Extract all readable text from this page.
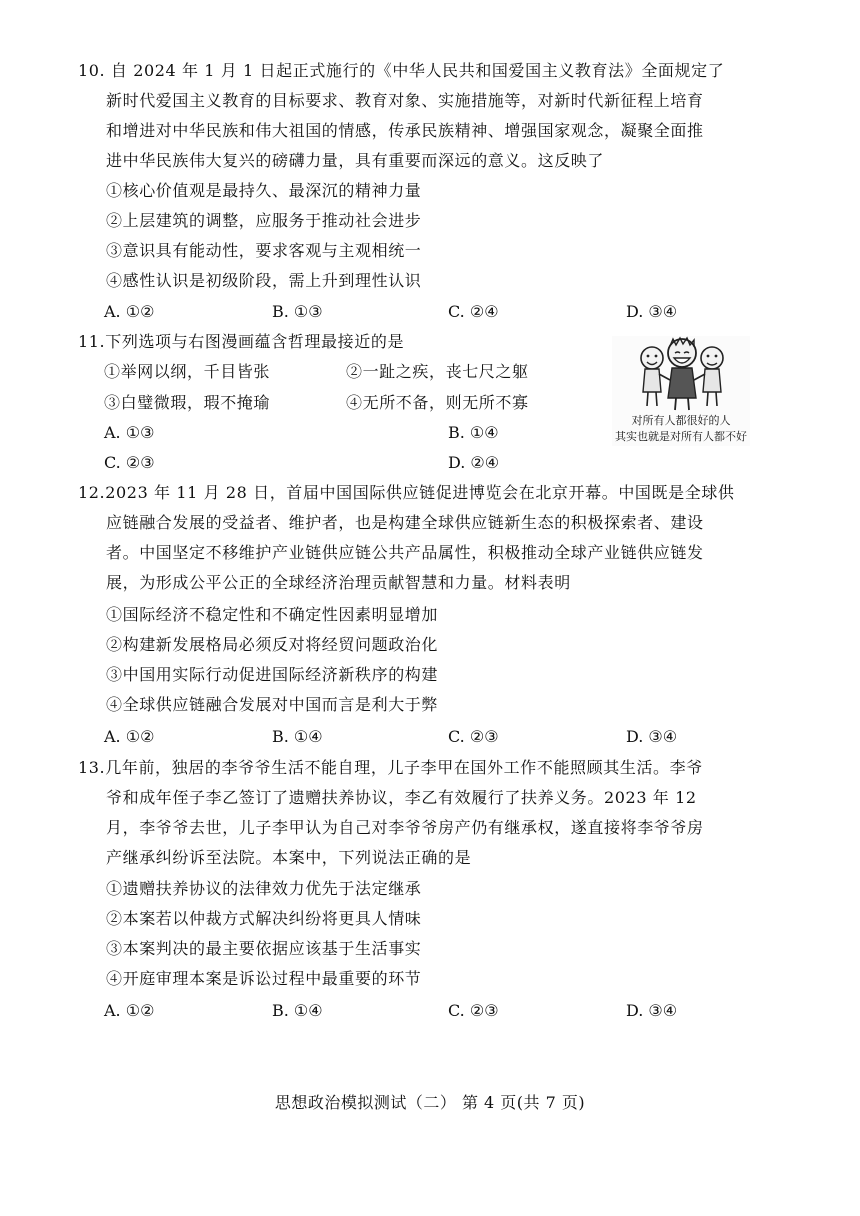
10. 自 2024 年 1 月 1 日起正式施行的《中华人民共和国爱国主义教育法》全面规定了
新时代爱国主义教育的目标要求、教育对象、实施措施等，对新时代新征程上培育
和增进对中华民族和伟大祖国的情感，传承民族精神、增强国家观念，凝聚全面推
进中华民族伟大复兴的磅礴力量，具有重要而深远的意义。这反映了
①核心价值观是最持久、最深沉的精神力量
②上层建筑的调整，应服务于推动社会进步
③意识具有能动性，要求客观与主观相统一
④感性认识是初级阶段，需上升到理性认识
A. ①②	B. ①③	C. ②④	D. ③④
11.下列选项与右图漫画蕴含哲理最接近的是
①举网以纲，千目皆张	②一趾之疾，丧七尺之躯
③白璧微瑕，瑕不掩瑜	④无所不备，则无所不寡
A. ①③	B. ①④
C. ②③	D. ②④
对所有人都很好的人
其实也就是对所有人都不好
12.2023 年 11 月 28 日，首届中国国际供应链促进博览会在北京开幕。中国既是全球供
应链融合发展的受益者、维护者，也是构建全球供应链新生态的积极探索者、建设
者。中国坚定不移维护产业链供应链公共产品属性，积极推动全球产业链供应链发
展，为形成公平公正的全球经济治理贡献智慧和力量。材料表明
①国际经济不稳定性和不确定性因素明显增加
②构建新发展格局必须反对将经贸问题政治化
③中国用实际行动促进国际经济新秩序的构建
④全球供应链融合发展对中国而言是利大于弊
A. ①②	B. ①④	C. ②③	D. ③④
13.几年前，独居的李爷爷生活不能自理，儿子李甲在国外工作不能照顾其生活。李爷
爷和成年侄子李乙签订了遗赠扶养协议，李乙有效履行了扶养义务。2023 年 12
月，李爷爷去世，儿子李甲认为自己对李爷爷房产仍有继承权，遂直接将李爷爷房
产继承纠纷诉至法院。本案中，下列说法正确的是
①遗赠扶养协议的法律效力优先于法定继承
②本案若以仲裁方式解决纠纷将更具人情味
③本案判决的最主要依据应该基于生活事实
④开庭审理本案是诉讼过程中最重要的环节
A. ①②	B. ①④	C. ②③	D. ③④
思想政治模拟测试（二） 第 4 页(共 7 页)
